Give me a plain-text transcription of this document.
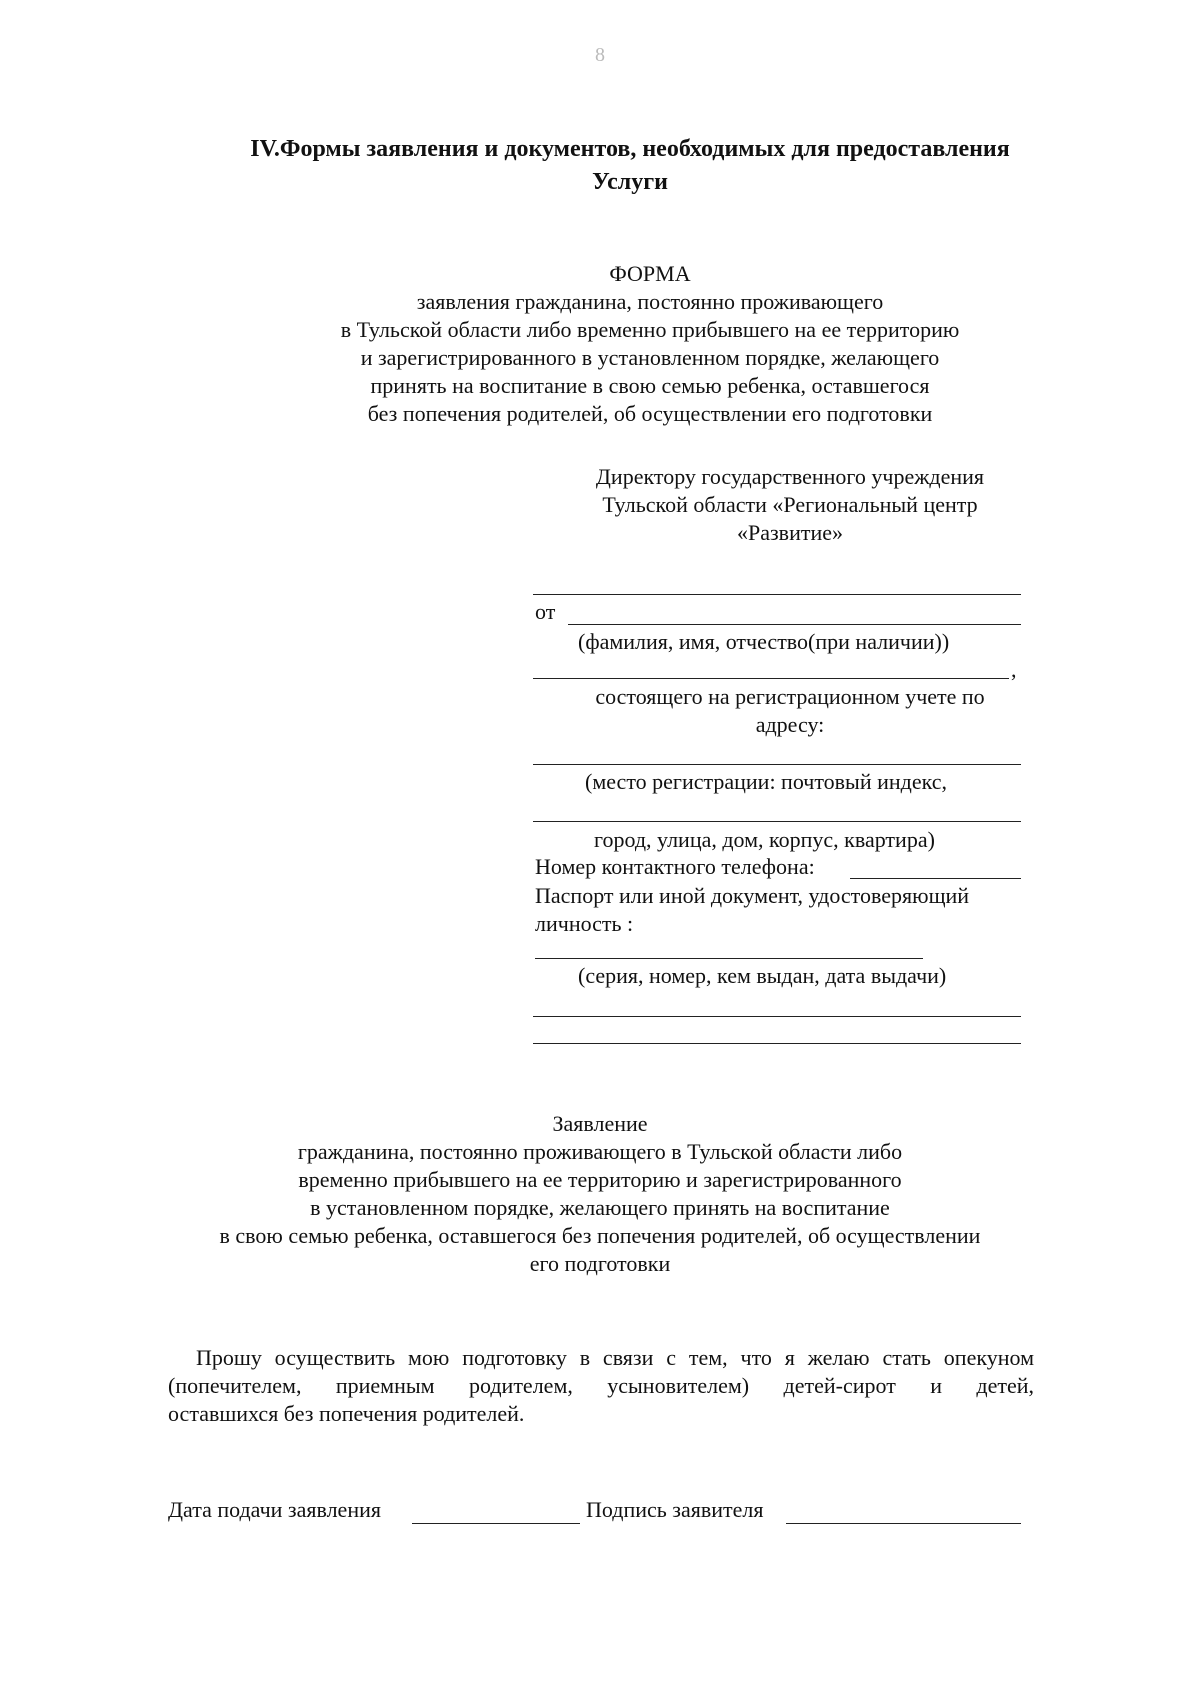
8
IV.Формы заявления и документов, необходимых для предоставления
Услуги
ФОРМА
заявления гражданина, постоянно проживающего
в Тульской области либо временно прибывшего на ее территорию
и зарегистрированного в установленном порядке, желающего
принять на воспитание в свою семью ребенка, оставшегося
без попечения родителей, об осуществлении его подготовки
Директору государственного учреждения
Тульской области «Региональный центр
«Развитие»
от
(фамилия, имя, отчество(при наличии))
,
состоящего на регистрационном учете по
адресу:
(место регистрации: почтовый индекс,
город, улица, дом, корпус, квартира)
Номер контактного телефона:
Паспорт или иной документ, удостоверяющий
личность :
(серия, номер, кем выдан, дата выдачи)
Заявление
гражданина, постоянно проживающего в Тульской области либо
временно прибывшего на ее территорию и зарегистрированного
в установленном порядке, желающего принять на воспитание
в свою семью ребенка, оставшегося без попечения родителей, об осуществлении
его подготовки
Прошу осуществить мою подготовку в связи с тем, что я желаю стать опекуном
(попечителем, приемным родителем, усыновителем) детей-сирот и детей,
оставшихся без попечения родителей.
Дата подачи заявления	Подпись заявителя
